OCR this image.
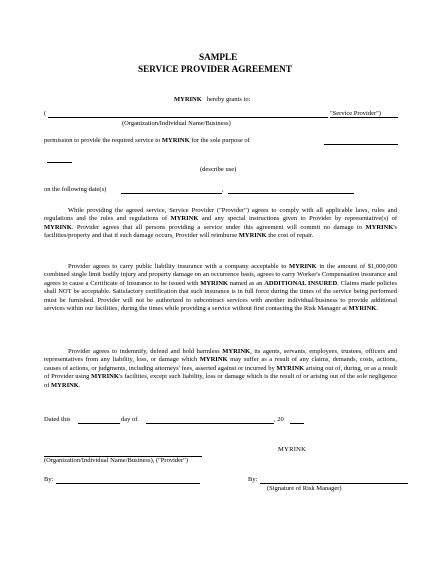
SAMPLE
SERVICE PROVIDER AGREEMENT
MYRINK hereby grants to:
(	"Service Provider")
(Organization/Individual Name/Business)
permission to provide the required service to MYRINK for the sole purpose of
(describe use)
on the following date(s)	,

While providing the agreed service, Service Provider ("Provider") agrees to comply with all applicable laws, rules and regulations and the rules and regulations of MYRINK and any special instructions given to Provider by representative(s) of MYRINK. Provider agrees that all persons providing a service under this agreement will commit no damage to MYRINK's facilities/property and that if such damage occurs, Provider will reimburse MYRINK the cost of repair.

Provider agrees to carry public liability insurance with a company acceptable to MYRINK in the amount of $1,000,000 combined single limit bodily injury and property damage on an occurrence basis, agrees to carry Worker's Compensation insurance and agrees to cause a Certificate of Insurance to be issued with MYRINK named as an ADDITIONAL INSURED. Claims made policies shall NOT be acceptable. Satisfactory certification that such insurance is in full force during the times of the service being performed must be furnished. Provider will not be authorized to subcontract services with another individual/business to provide additional services within our facilities, during the times while providing a service without first contacting the Risk Manager at MYRINK.

Provider agrees to indemnify, defend and hold harmless MYRINK, its agents, servants, employees, trustees, officers and representatives from any liability, loss, or damage which MYRINK may suffer as a result of any claims, demands, costs, actions, causes of actions, or judgments, including attorneys' fees, asserted against or incurred by MYRINK arising out of, during, or as a result of Provider using MYRINK's facilities, except such liability, loss or damage which is the result of or arising out of the sole negligence of MYRINK.

Dated this	day of	, 20
MYRINK
(Organization/Individual Name/Business), ("Provider")
By:	By:
(Signature of Risk Manager)
